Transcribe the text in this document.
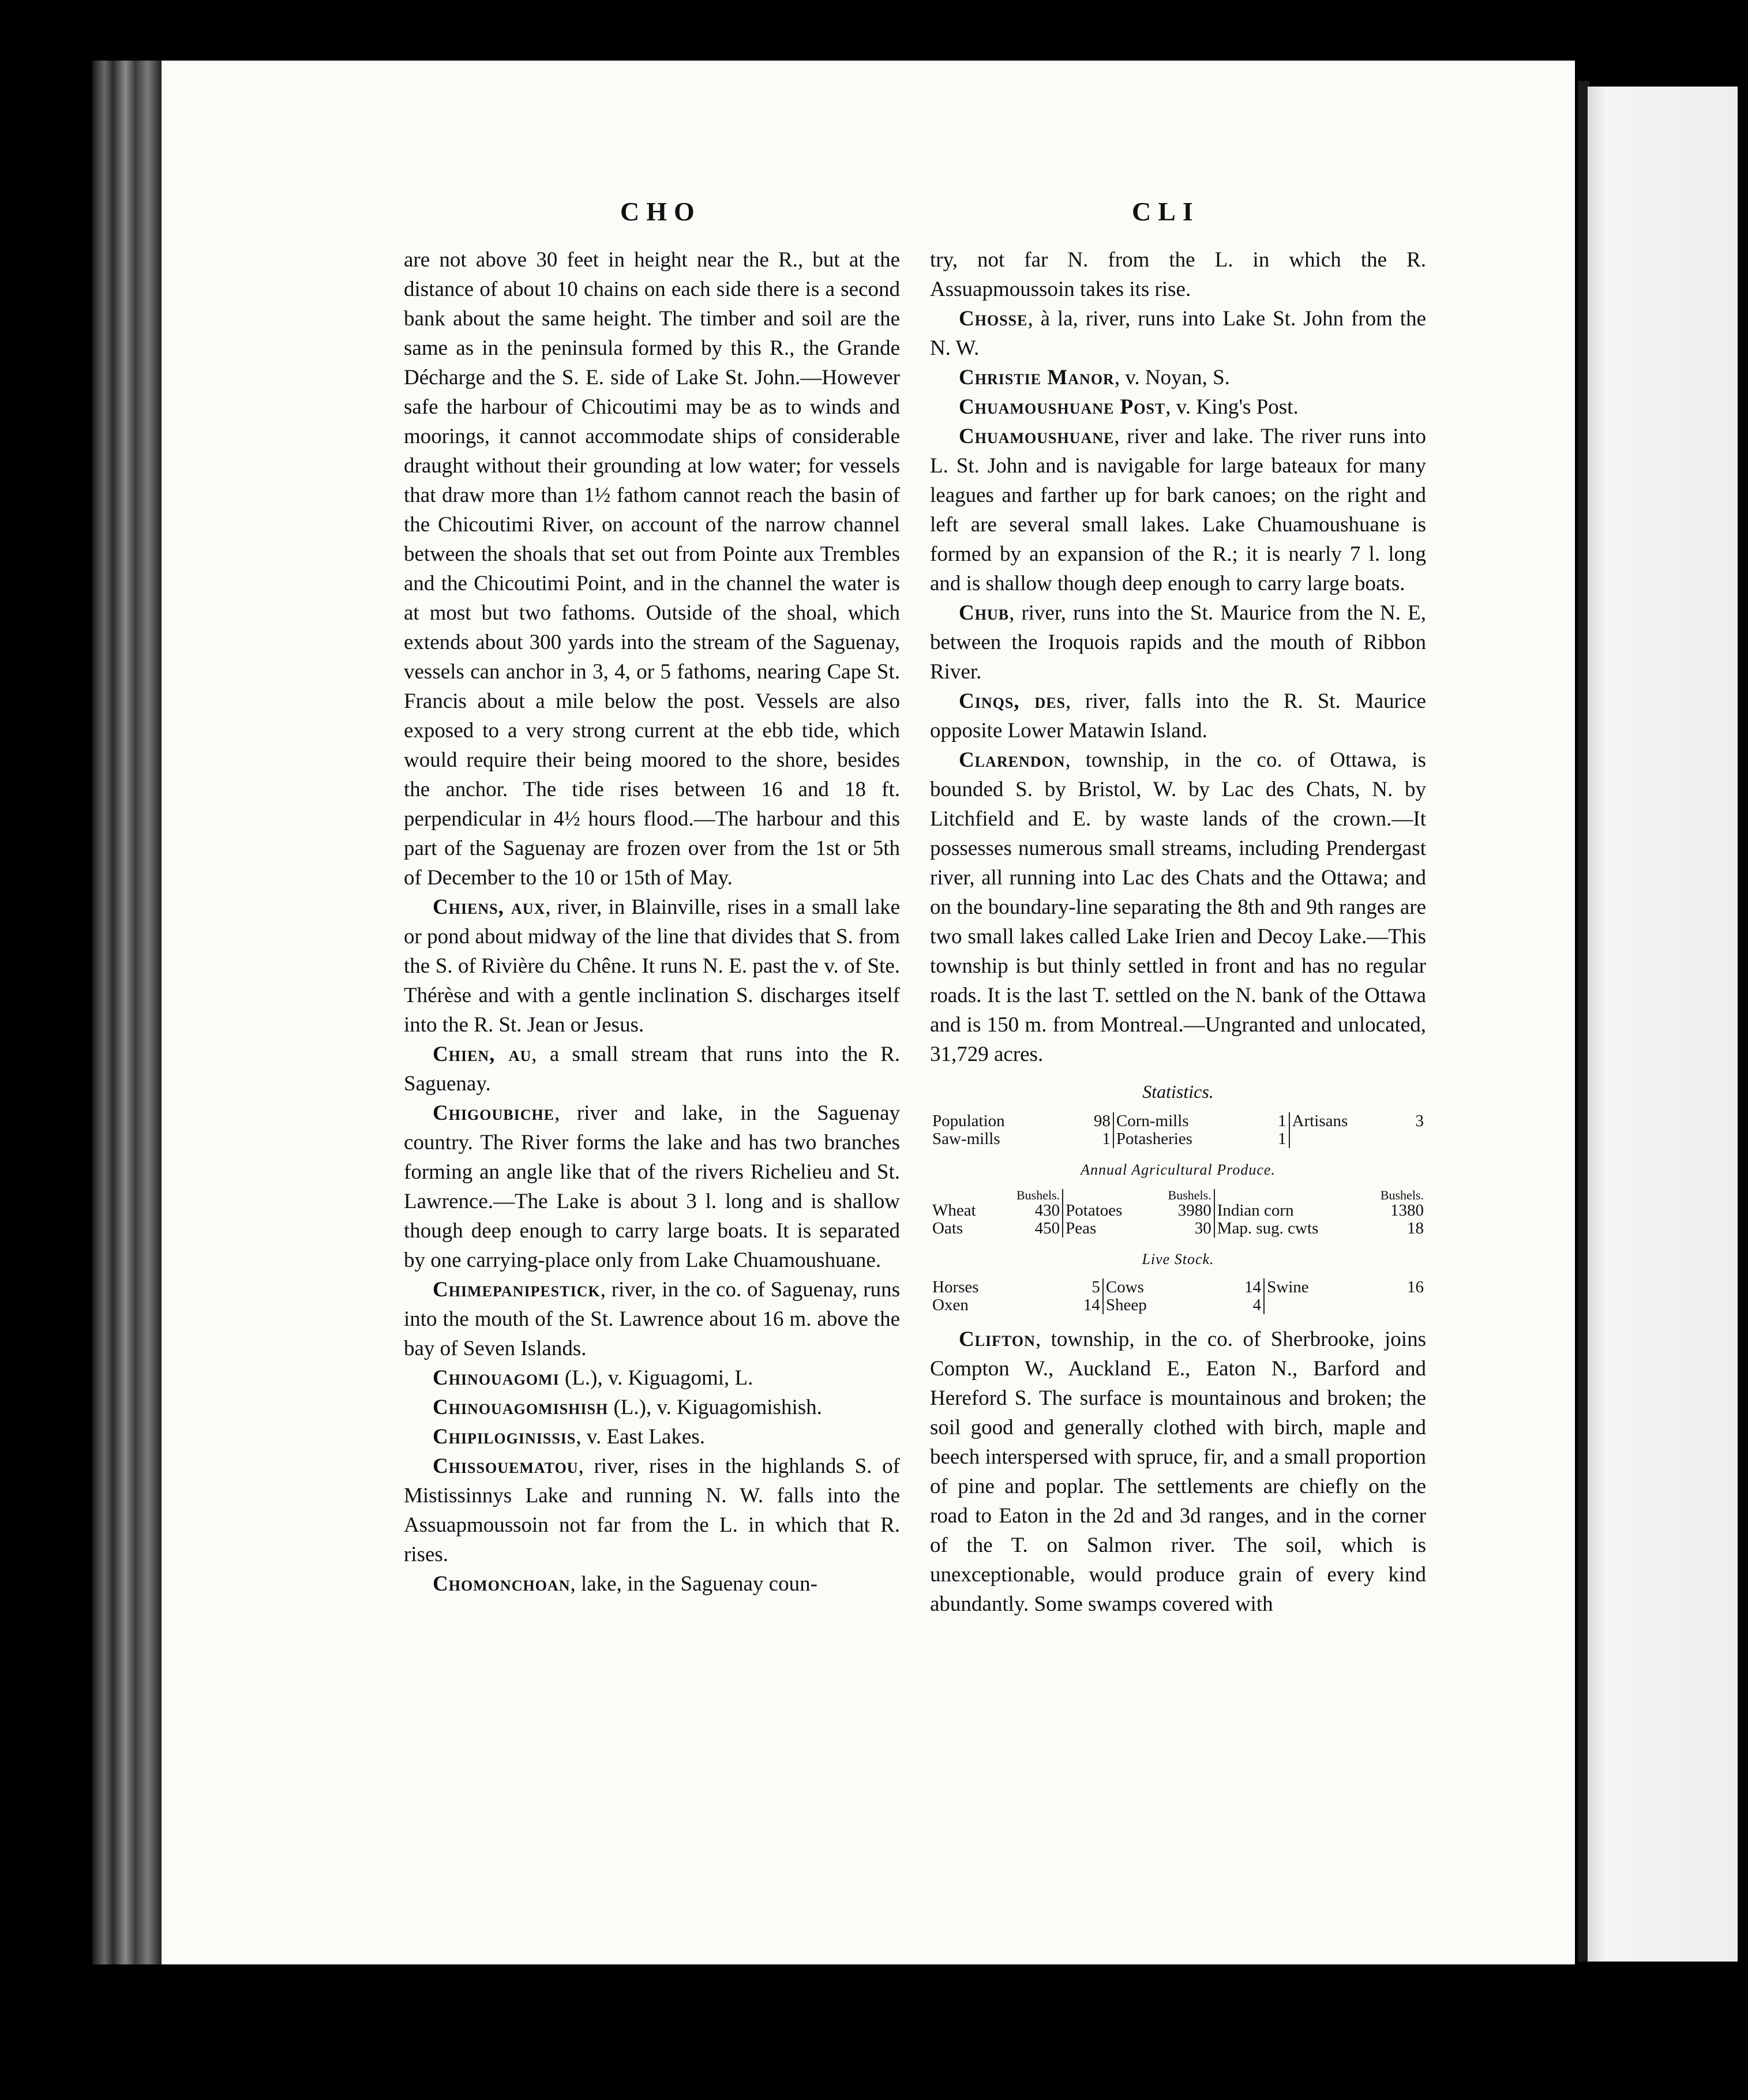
CHO	CLI

are not above 30 feet in height near the R., but at the distance of about 10 chains on each side there is a second bank about the same height. The timber and soil are the same as in the peninsula formed by this R., the Grande Décharge and the S. E. side of Lake St. John.—However safe the harbour of Chicoutimi may be as to winds and moorings, it cannot accommodate ships of considerable draught without their grounding at low water; for vessels that draw more than 1½ fathom cannot reach the basin of the Chicoutimi River, on account of the narrow channel between the shoals that set out from Pointe aux Trembles and the Chicoutimi Point, and in the channel the water is at most but two fathoms. Outside of the shoal, which extends about 300 yards into the stream of the Saguenay, vessels can anchor in 3, 4, or 5 fathoms, nearing Cape St. Francis about a mile below the post. Vessels are also exposed to a very strong current at the ebb tide, which would require their being moored to the shore, besides the anchor. The tide rises between 16 and 18 ft. perpendicular in 4½ hours flood.—The harbour and this part of the Saguenay are frozen over from the 1st or 5th of December to the 10 or 15th of May.

Chiens, aux, river, in Blainville, rises in a small lake or pond about midway of the line that divides that S. from the S. of Rivière du Chêne. It runs N. E. past the v. of Ste. Thérèse and with a gentle inclination S. discharges itself into the R. St. Jean or Jesus.

Chien, au, a small stream that runs into the R. Saguenay.

Chigoubiche, river and lake, in the Saguenay country. The River forms the lake and has two branches forming an angle like that of the rivers Richelieu and St. Lawrence.—The Lake is about 3 l. long and is shallow though deep enough to carry large boats. It is separated by one carrying-place only from Lake Chuamoushuane.

Chimepanipestick, river, in the co. of Saguenay, runs into the mouth of the St. Lawrence about 16 m. above the bay of Seven Islands.

Chinouagomi (L.), v. Kiguagomi, L.

Chinouagomishish (L.), v. Kiguagomishish.

Chipiloginissis, v. East Lakes.

Chissouematou, river, rises in the highlands S. of Mistissinnys Lake and running N. W. falls into the Assuapmoussoin not far from the L. in which that R. rises.

Chomonchoan, lake, in the Saguenay coun-

try, not far N. from the L. in which the R. Assuapmoussoin takes its rise.

Chosse, à la, river, runs into Lake St. John from the N. W.

Christie Manor, v. Noyan, S.

Chuamoushuane Post, v. King's Post.

Chuamoushuane, river and lake. The river runs into L. St. John and is navigable for large bateaux for many leagues and farther up for bark canoes; on the right and left are several small lakes. Lake Chuamoushuane is formed by an expansion of the R.; it is nearly 7 l. long and is shallow though deep enough to carry large boats.

Chub, river, runs into the St. Maurice from the N. E, between the Iroquois rapids and the mouth of Ribbon River.

Cinqs, des, river, falls into the R. St. Maurice opposite Lower Matawin Island.

Clarendon, township, in the co. of Ottawa, is bounded S. by Bristol, W. by Lac des Chats, N. by Litchfield and E. by waste lands of the crown.—It possesses numerous small streams, including Prendergast river, all running into Lac des Chats and the Ottawa; and on the boundary-line separating the 8th and 9th ranges are two small lakes called Lake Irien and Decoy Lake.—This township is but thinly settled in front and has no regular roads. It is the last T. settled on the N. bank of the Ottawa and is 150 m. from Montreal.—Ungranted and unlocated, 31,729 acres.

Statistics.
Population	98	Corn-mills	1	Artisans	3
Saw-mills	1	Potasheries	1		
Annual Agricultural Produce.
	Bushels.		Bushels.		Bushels.
Wheat	430	Potatoes	3980	Indian corn	1380
Oats	450	Peas	30	Map. sug. cwts	18
Live Stock.
Horses	5	Cows	14	Swine	16
Oxen	14	Sheep	4		

Clifton, township, in the co. of Sherbrooke, joins Compton W., Auckland E., Eaton N., Barford and Hereford S. The surface is mountainous and broken; the soil good and generally clothed with birch, maple and beech interspersed with spruce, fir, and a small proportion of pine and poplar. The settlements are chiefly on the road to Eaton in the 2d and 3d ranges, and in the corner of the T. on Salmon river. The soil, which is unexceptionable, would produce grain of every kind abundantly. Some swamps covered with
